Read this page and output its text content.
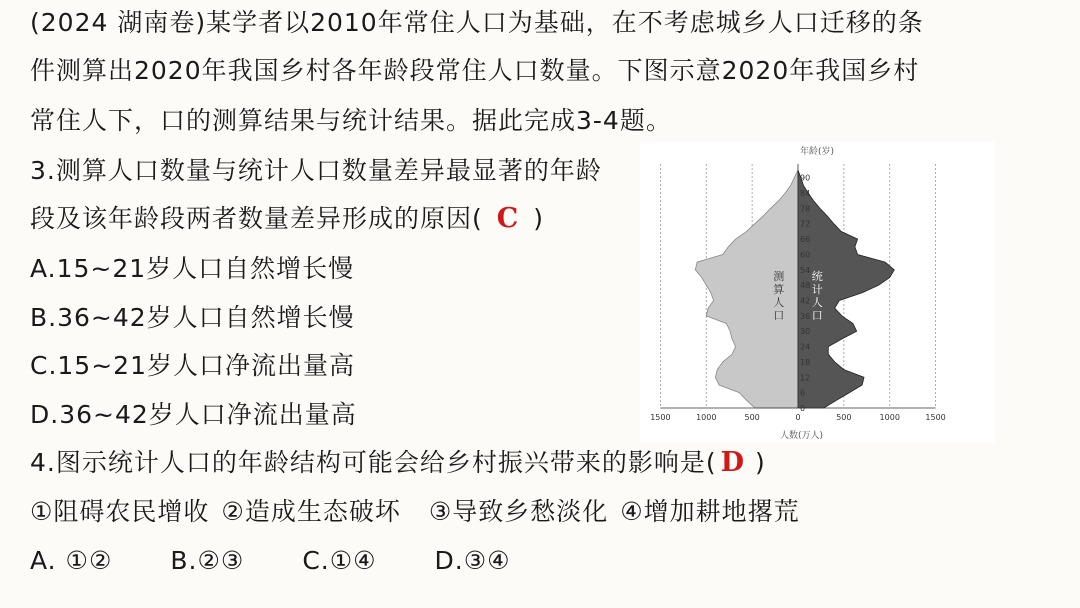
(2024 湖南卷)某学者以2010年常住人口为基础，在不考虑城乡人口迁移的条
件测算出2020年我国乡村各年龄段常住人口数量。下图示意2020年我国乡村
常住人下，口的测算结果与统计结果。据此完成3-4题。
3.测算人口数量与统计人口数量差异最显著的年龄
段及该年龄段两者数量差异形成的原因( C )
A.15~21岁人口自然增长慢
B.36~42岁人口自然增长慢
C.15~21岁人口净流出量高
D.36~42岁人口净流出量高
4.图示统计人口的年龄结构可能会给乡村振兴带来的影响是( D )
①阻碍农民增收 ②造成生态破坏 ③导致乡愁淡化 ④增加耕地撂荒
A. ①② B.②③ C.①④ D.③④
年龄(岁)
人数(万人)
测
算
人
口
统
计
人
口
90
84
78
72
66
60
54
48
42
36
30
24
18
12
6
0
1500	1000	500	0	500	1000	1500
